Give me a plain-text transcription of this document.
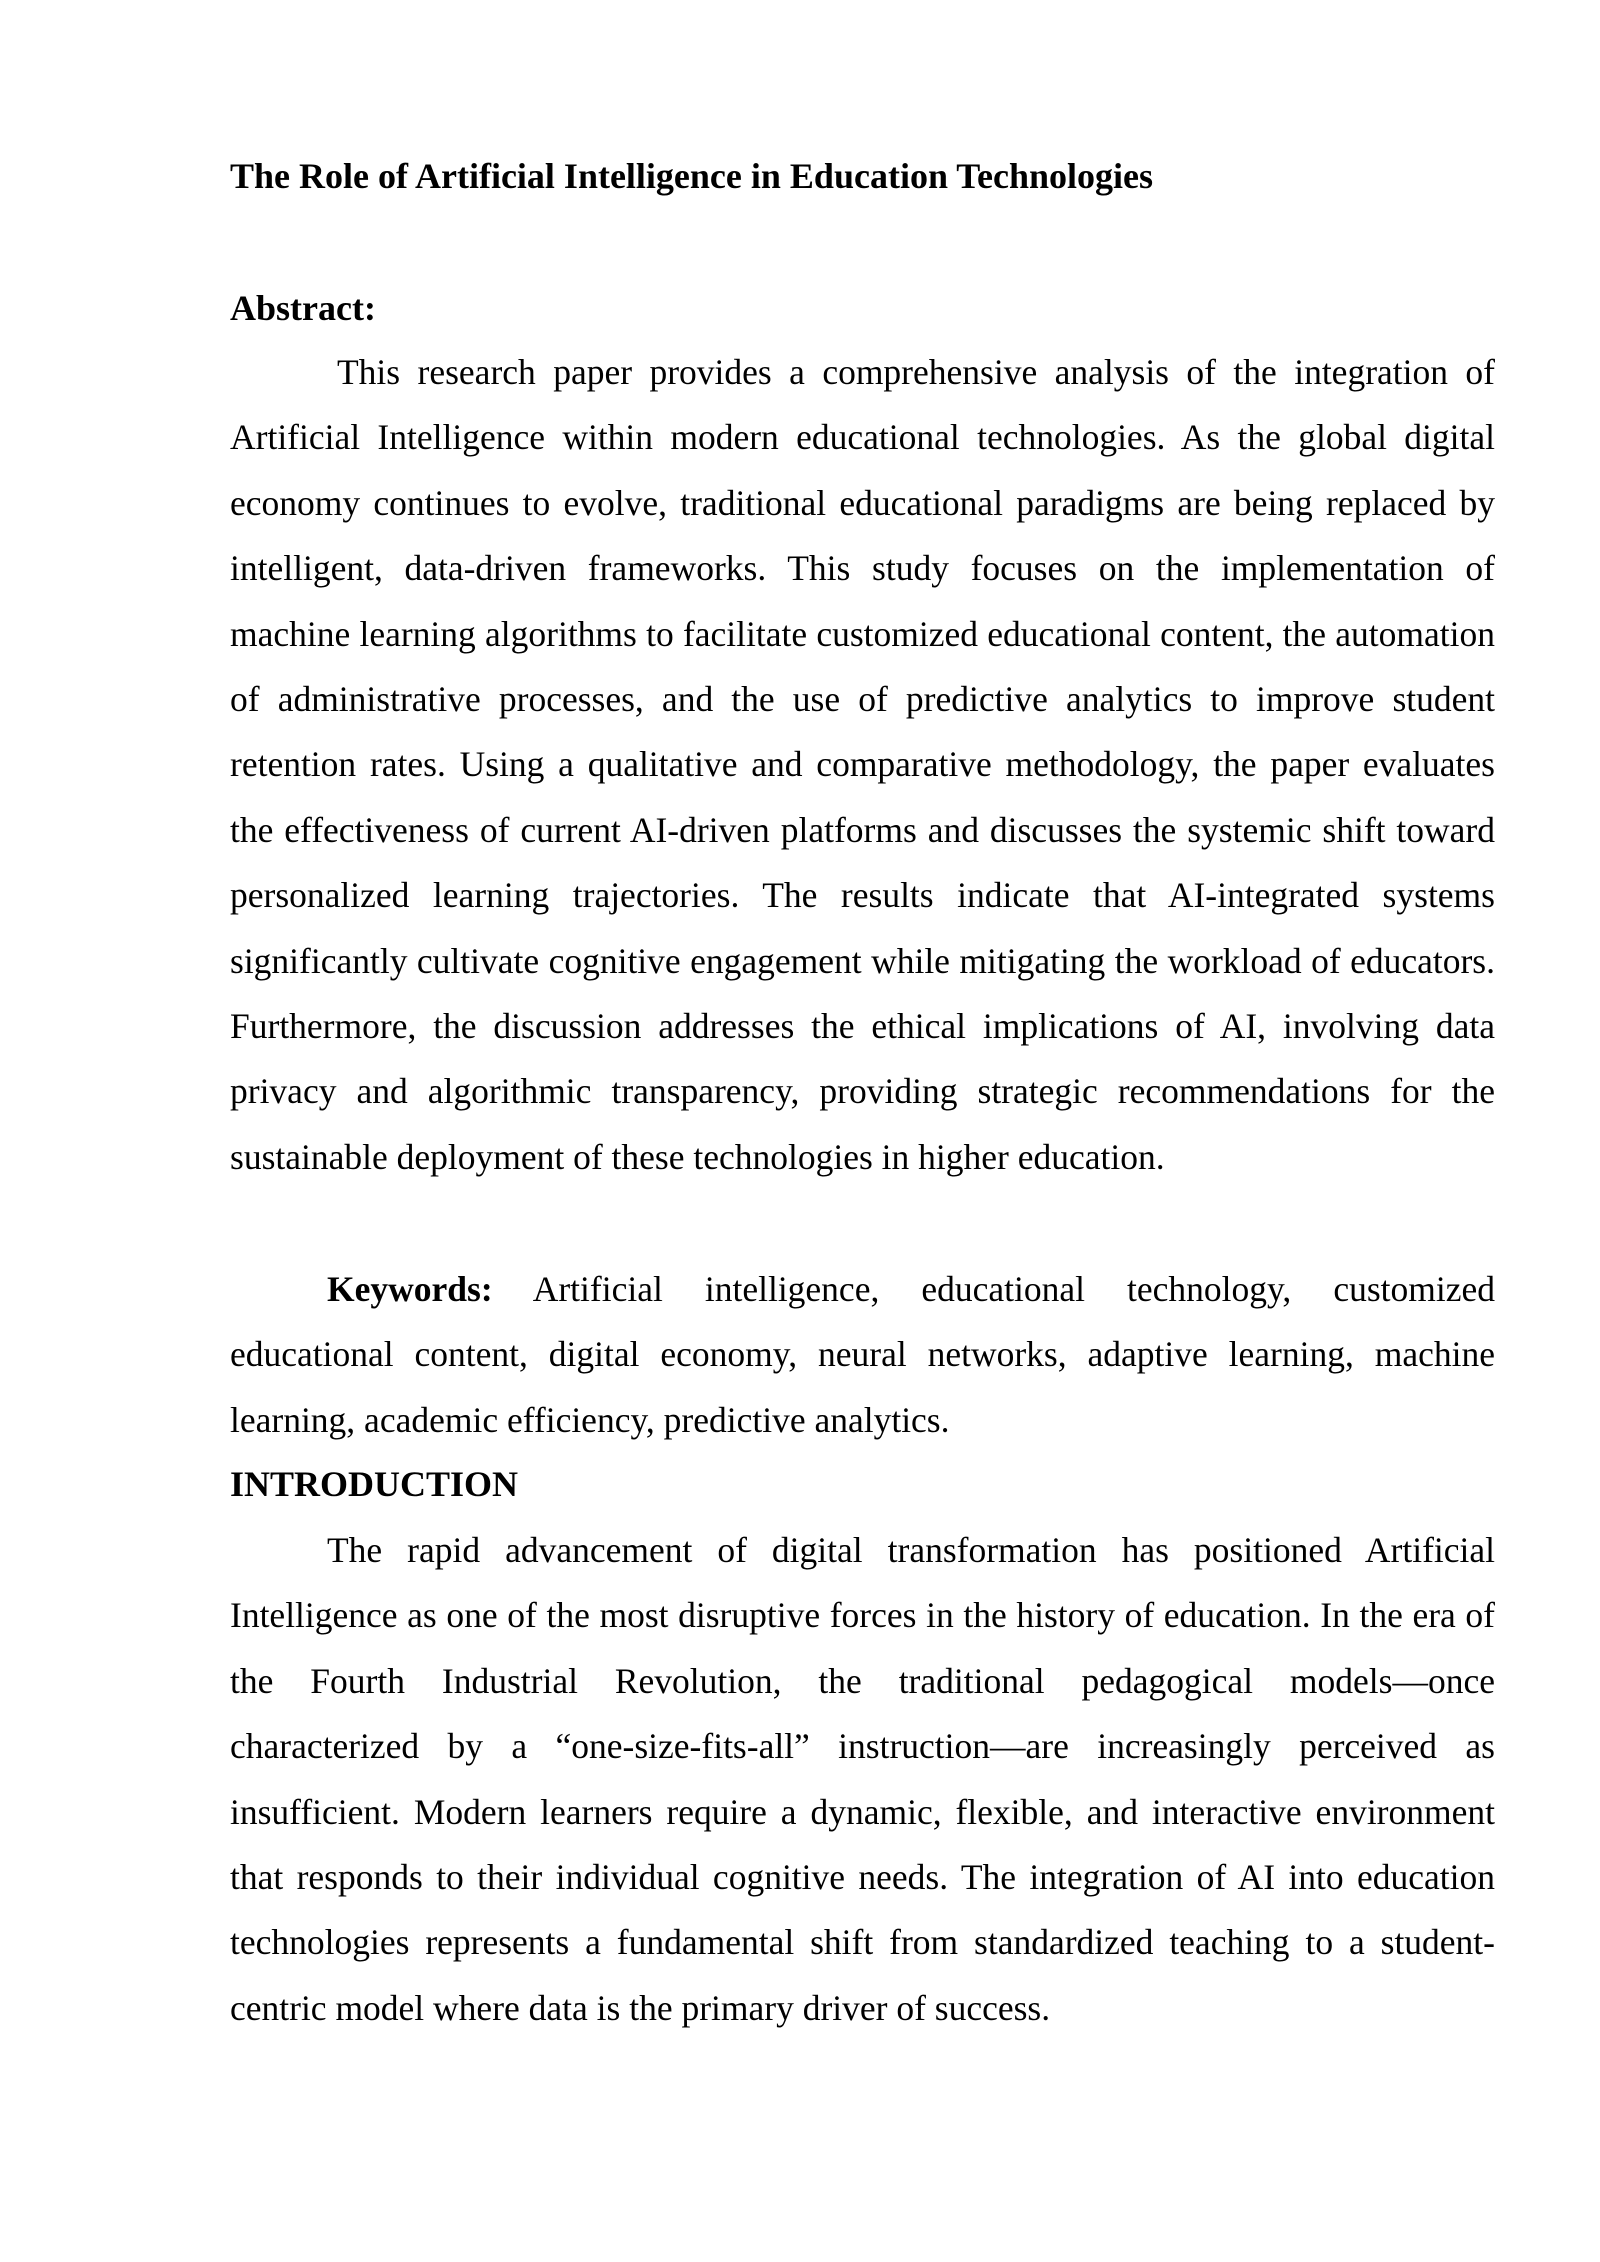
The Role of Artificial Intelligence in Education Technologies
Abstract:

This research paper provides a comprehensive analysis of the integration of Artificial Intelligence within modern educational technologies. As the global digital economy continues to evolve, traditional educational paradigms are being replaced by intelligent, data-driven frameworks. This study focuses on the implementation of machine learning algorithms to facilitate customized educational content, the automation of administrative processes, and the use of predictive analytics to improve student retention rates. Using a qualitative and comparative methodology, the paper evaluates the effectiveness of current AI-driven platforms and discusses the systemic shift toward personalized learning trajectories. The results indicate that AI-integrated systems significantly cultivate cognitive engagement while mitigating the workload of educators. Furthermore, the discussion addresses the ethical implications of AI, involving data privacy and algorithmic transparency, providing strategic recommendations for the sustainable deployment of these technologies in higher education.

Keywords: Artificial intelligence, educational technology, customized educational content, digital economy, neural networks, adaptive learning, machine learning, academic efficiency, predictive analytics.

INTRODUCTION

The rapid advancement of digital transformation has positioned Artificial Intelligence as one of the most disruptive forces in the history of education. In the era of the Fourth Industrial Revolution, the traditional pedagogical models—once characterized by a “one-size-fits-all” instruction—are increasingly perceived as insufficient. Modern learners require a dynamic, flexible, and interactive environment that responds to their individual cognitive needs. The integration of AI into education technologies represents a fundamental shift from standardized teaching to a student-centric model where data is the primary driver of success.
